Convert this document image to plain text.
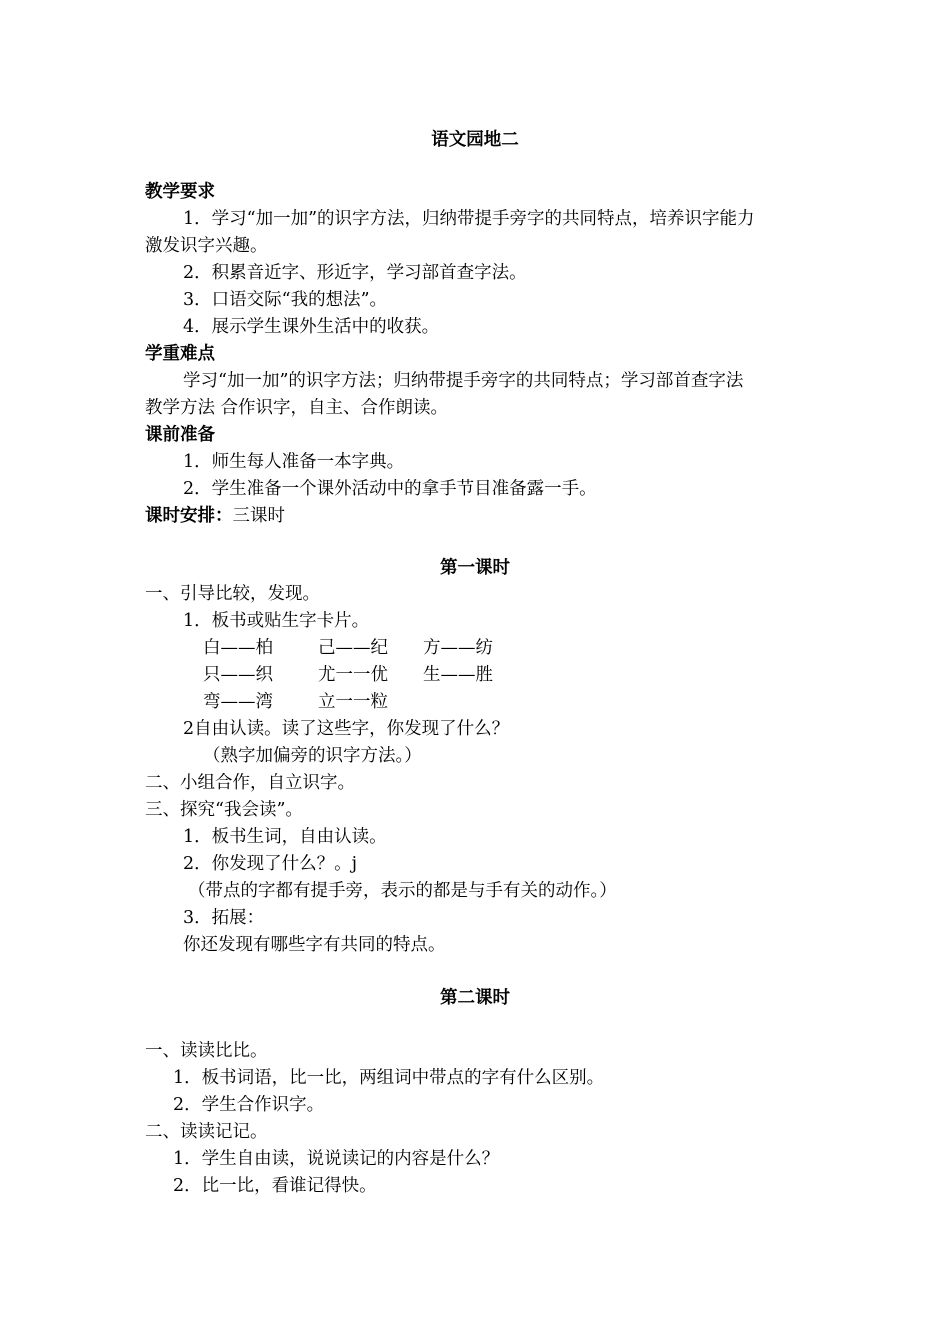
语文园地二
教学要求
1．学习“加一加”的识字方法，归纳带提手旁字的共同特点，培养识字能力
激发识字兴趣。
2．积累音近字、形近字，学习部首查字法。
3．口语交际“我的想法”。
4．展示学生课外生活中的收获。
学重难点
学习“加一加”的识字方法；归纳带提手旁字的共同特点；学习部首查字法
教学方法 合作识字，自主、合作朗读。
课前准备
1．师生每人准备一本字典。
2．学生准备一个课外活动中的拿手节目准备露一手。
课时安排：三课时
第一课时
一、引导比较，发现。
1．板书或贴生字卡片。
白——柏	己——纪 方——纺
只——织	尤一一优 生——胜
弯——湾	立一一粒
2自由认读。读了这些字，你发现了什么？
（熟字加偏旁的识字方法。）
二、小组合作，自立识字。
三、探究“我会读”。
1．板书生词，自由认读。
2．你发现了什么？。j
（带点的字都有提手旁，表示的都是与手有关的动作。）
3．拓展：
你还发现有哪些字有共同的特点。
第二课时
一、读读比比。
1．板书词语，比一比，两组词中带点的字有什么区别。
2．学生合作识字。
二、读读记记。
1．学生自由读，说说读记的内容是什么？
2．比一比，看谁记得快。
